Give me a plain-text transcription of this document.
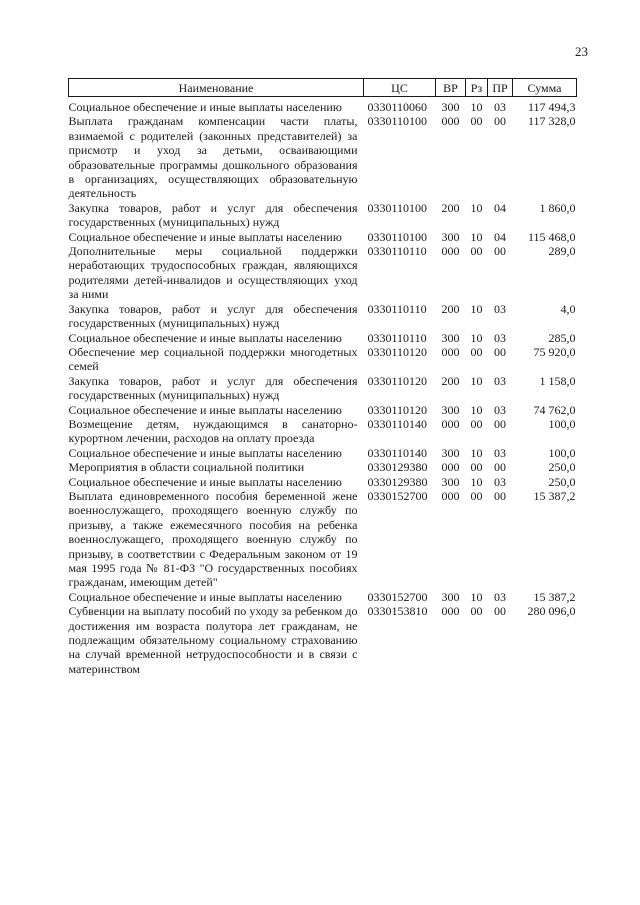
23
Наименование	ЦС	ВР	Рз	ПР	Сумма
Социальное обеспечение и иные выплаты населению	0330110060	300	10	03	117 494,3
Выплата гражданам компенсации части платы, взимаемой с родителей (законных представителей) за присмотр и уход за детьми, осваивающими образовательные программы дошкольного образования в организациях, осуществляющих образовательную деятельность	0330110100	000	00	00	117 328,0
Закупка товаров, работ и услуг для обеспечения государственных (муниципальных) нужд	0330110100	200	10	04	1 860,0
Социальное обеспечение и иные выплаты населению	0330110100	300	10	04	115 468,0
Дополнительные меры социальной поддержки неработающих трудоспособных граждан, являющихся родителями детей-инвалидов и осуществляющих уход за ними	0330110110	000	00	00	289,0
Закупка товаров, работ и услуг для обеспечения государственных (муниципальных) нужд	0330110110	200	10	03	4,0
Социальное обеспечение и иные выплаты населению	0330110110	300	10	03	285,0
Обеспечение мер социальной поддержки многодетных семей	0330110120	000	00	00	75 920,0
Закупка товаров, работ и услуг для обеспечения государственных (муниципальных) нужд	0330110120	200	10	03	1 158,0
Социальное обеспечение и иные выплаты населению	0330110120	300	10	03	74 762,0
Возмещение детям, нуждающимся в санаторно-курортном лечении, расходов на оплату проезда	0330110140	000	00	00	100,0
Социальное обеспечение и иные выплаты населению	0330110140	300	10	03	100,0
Мероприятия в области социальной политики	0330129380	000	00	00	250,0
Социальное обеспечение и иные выплаты населению	0330129380	300	10	03	250,0
Выплата единовременного пособия беременной жене военнослужащего, проходящего военную службу по призыву, а также ежемесячного пособия на ребенка военнослужащего, проходящего военную службу по призыву, в соответствии с Федеральным законом от 19 мая 1995 года № 81-ФЗ "О государственных пособиях гражданам, имеющим детей"	0330152700	000	00	00	15 387,2
Социальное обеспечение и иные выплаты населению	0330152700	300	10	03	15 387,2
Субвенции на выплату пособий по уходу за ребенком до достижения им возраста полутора лет гражданам, не подлежащим обязательному социальному страхованию на случай временной нетрудоспособности и в связи с материнством	0330153810	000	00	00	280 096,0
